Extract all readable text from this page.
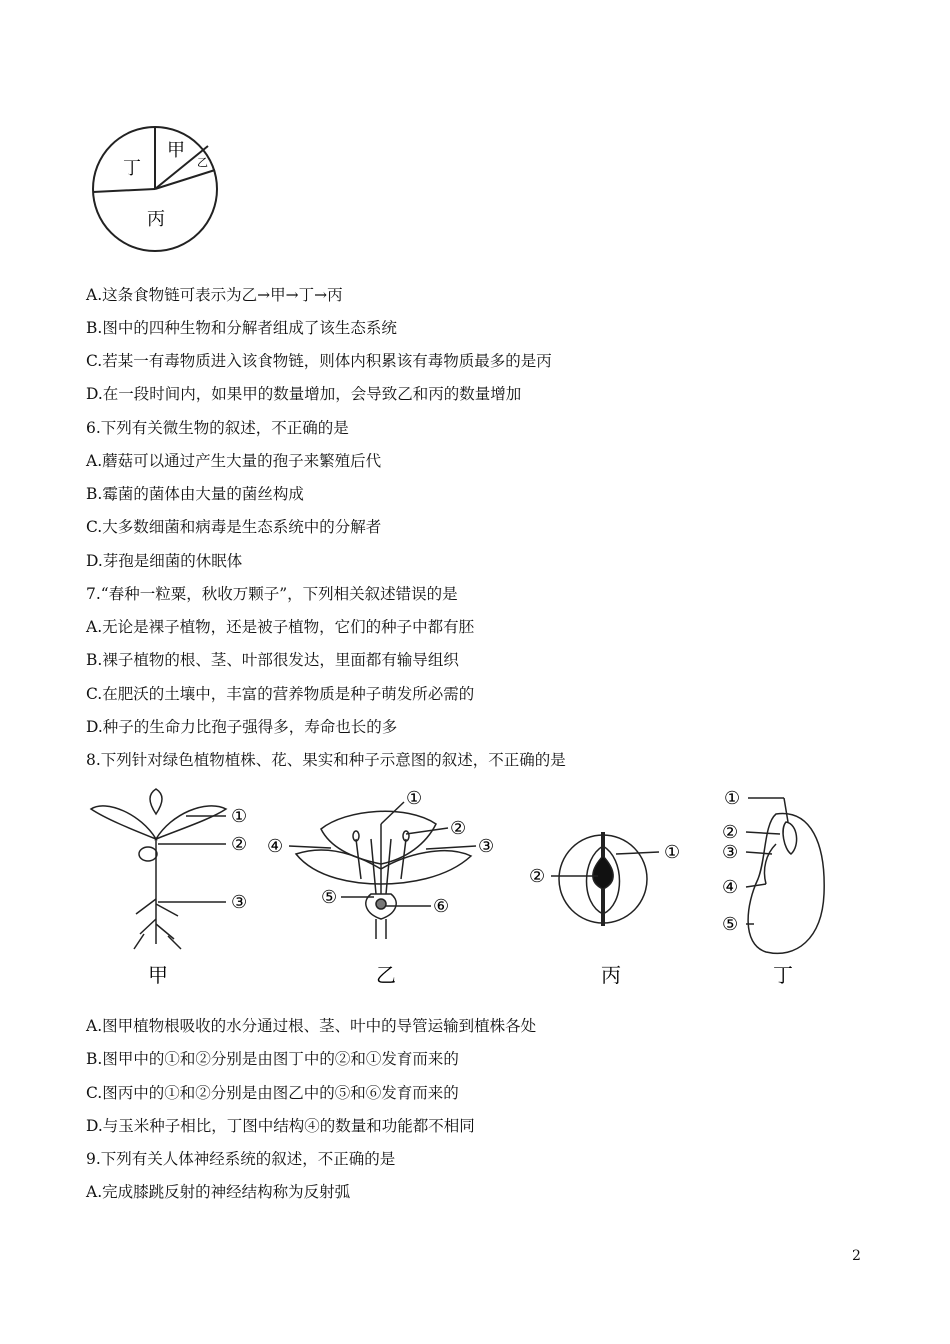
甲
乙
丁
丙
A.这条食物链可表示为乙→甲→丁→丙
B.图中的四种生物和分解者组成了该生态系统
C.若某一有毒物质进入该食物链，则体内积累该有毒物质最多的是丙
D.在一段时间内，如果甲的数量增加，会导致乙和丙的数量增加
6.下列有关微生物的叙述，不正确的是
A.蘑菇可以通过产生大量的孢子来繁殖后代
B.霉菌的菌体由大量的菌丝构成
C.大多数细菌和病毒是生态系统中的分解者
D.芽孢是细菌的休眠体
7.“春种一粒粟，秋收万颗子”，下列相关叙述错误的是
A.无论是裸子植物，还是被子植物，它们的种子中都有胚
B.裸子植物的根、茎、叶部很发达，里面都有输导组织
C.在肥沃的土壤中，丰富的营养物质是种子萌发所必需的
D.种子的生命力比孢子强得多，寿命也长的多
8.下列针对绿色植物植株、花、果实和种子示意图的叙述，不正确的是
①
②
③
甲
①
②
③
④
⑤	⑥
乙
①
②
丙
①
②
③
④
⑤
丁
A.图甲植物根吸收的水分通过根、茎、叶中的导管运输到植株各处
B.图甲中的①和②分别是由图丁中的②和①发育而来的
C.图丙中的①和②分别是由图乙中的⑤和⑥发育而来的
D.与玉米种子相比，丁图中结构④的数量和功能都不相同
9.下列有关人体神经系统的叙述，不正确的是
A.完成膝跳反射的神经结构称为反射弧
2
